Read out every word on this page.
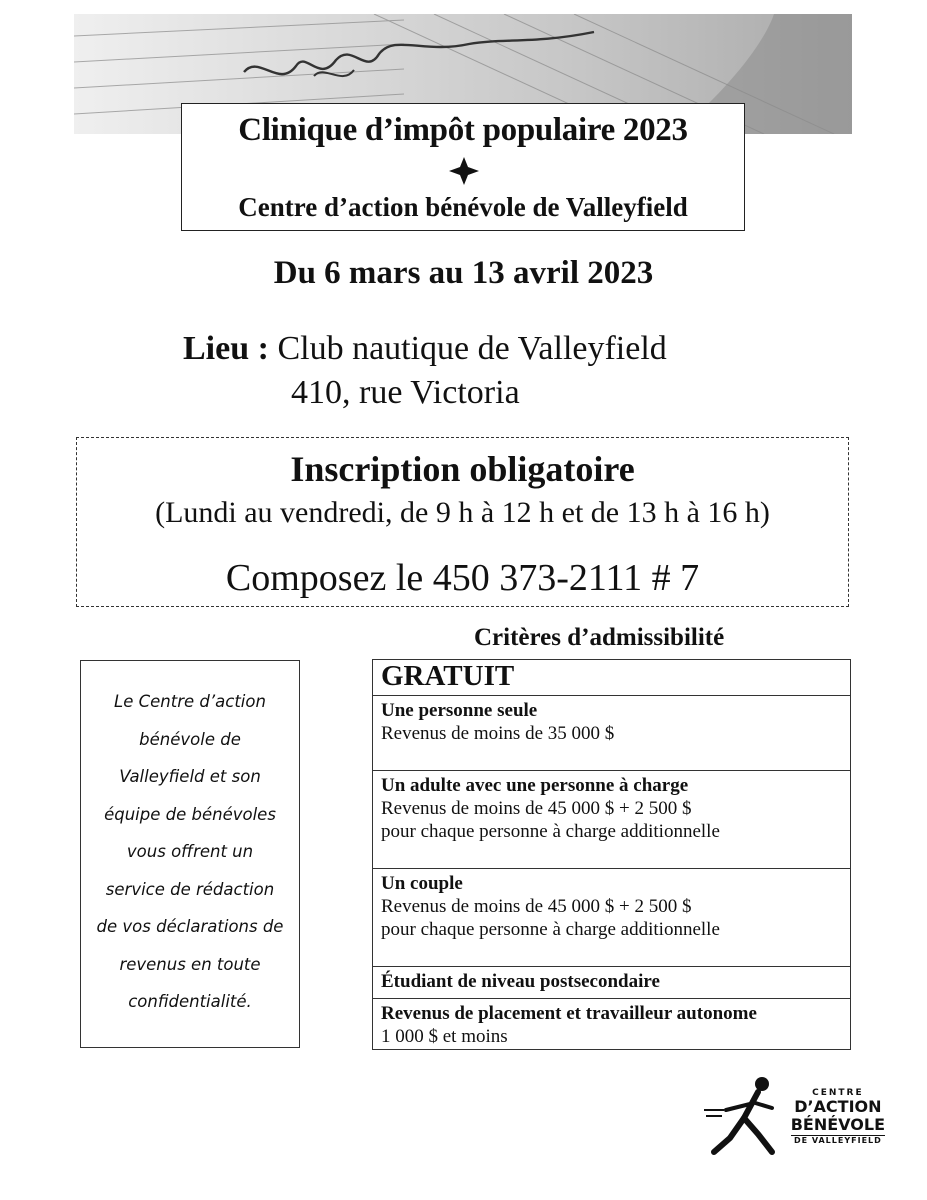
Clinique d’impôt populaire 2023
Centre d’action bénévole de Valleyfield
Du 6 mars au 13 avril 2023
Lieu : Club nautique de Valleyfield
410, rue Victoria
Inscription obligatoire
(Lundi au vendredi, de 9 h à 12 h et de 13 h à 16 h)
Composez le 450 373-2111 # 7
Critères d’admissibilité
GRATUIT
Une personne seule
Revenus de moins de 35 000 $
Un adulte avec une personne à charge
Revenus de moins de 45 000 $ + 2 500 $
pour chaque personne à charge additionnelle
Un couple
Revenus de moins de 45 000 $ + 2 500 $
pour chaque personne à charge additionnelle
Étudiant de niveau postsecondaire
Revenus de placement et travailleur autonome
1 000 $ et moins
Le Centre d’action
bénévole de
Valleyfield et son
équipe de bénévoles
vous offrent un
service de rédaction
de vos déclarations de
revenus en toute
confidentialité.
CENTRE
D’ACTION
BÉNÉVOLE
DE VALLEYFIELD
